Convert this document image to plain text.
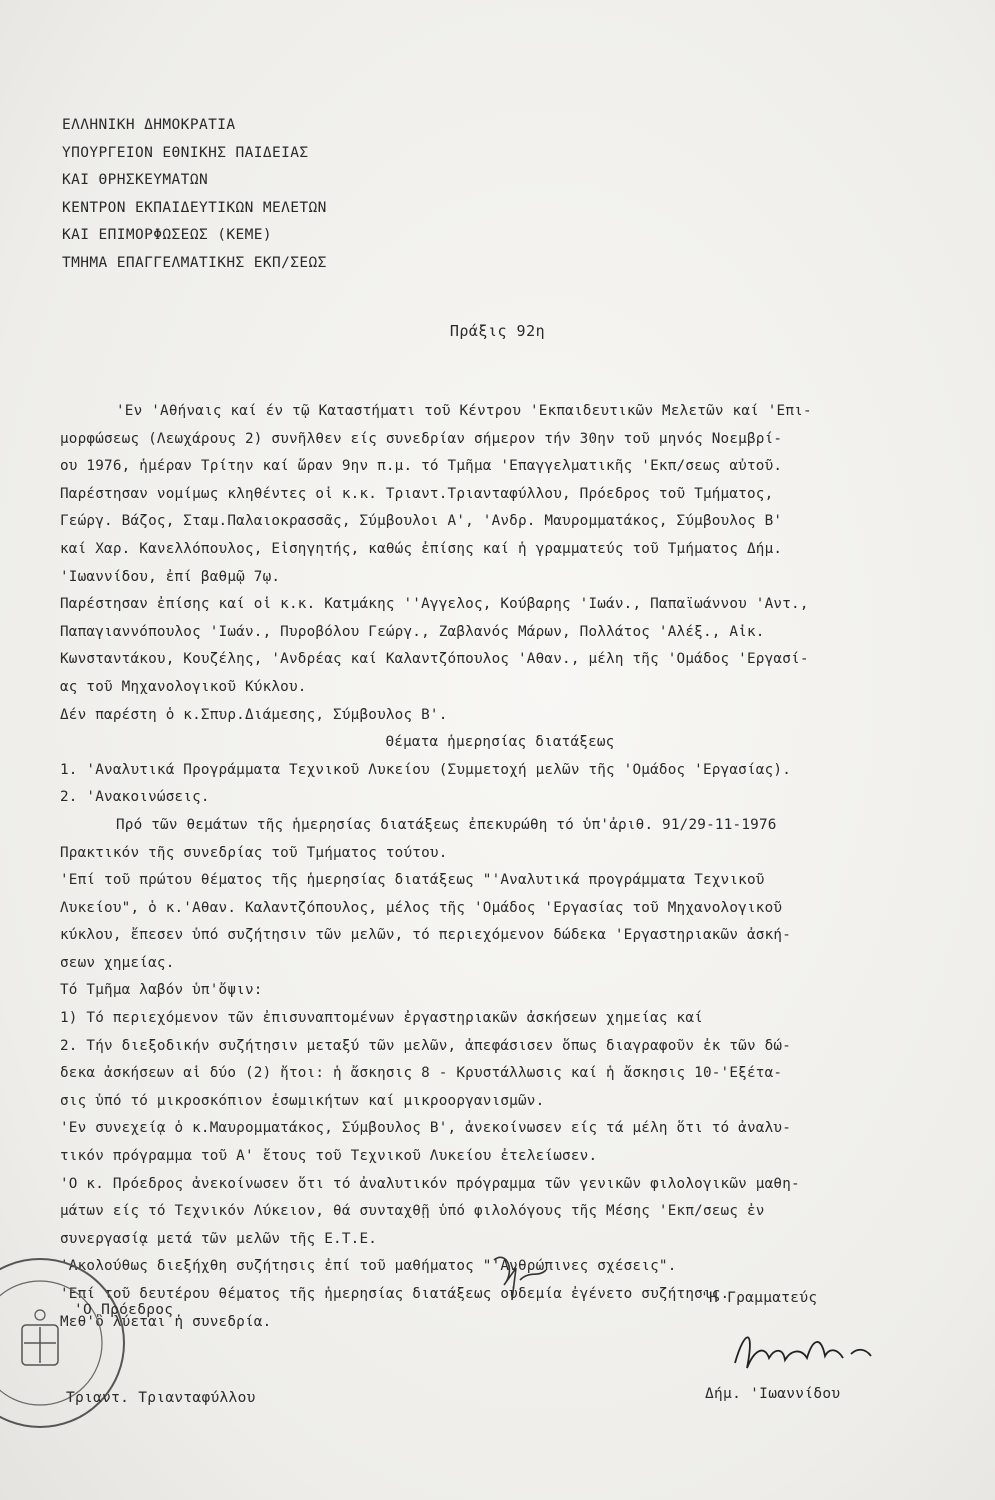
ΕΛΛΗΝΙΚΗ ΔΗΜΟΚΡΑΤΙΑ
ΥΠΟΥΡΓΕΙΟΝ ΕΘΝΙΚΗΣ ΠΑΙΔΕΙΑΣ
ΚΑΙ ΘΡΗΣΚΕΥΜΑΤΩΝ
ΚΕΝΤΡΟΝ ΕΚΠΑΙΔΕΥΤΙΚΩΝ ΜΕΛΕΤΩΝ
ΚΑΙ ΕΠΙΜΟΡΦΩΣΕΩΣ (ΚΕΜΕ)
ΤΜΗΜΑ ΕΠΑΓΓΕΛΜΑΤΙΚΗΣ ΕΚΠ/ΣΕΩΣ
Πράξις 92η
'Εν 'Αθήναις καί έν τῷ Καταστήματι τοῦ Κέντρου 'Εκπαιδευτικῶν Μελετῶν καί 'Επι-
μορφώσεως (Λεωχάρους 2) συνῆλθεν είς συνεδρίαν σήμερον τήν 30ην τοῦ μηνός Νοεμβρί-
ου 1976, ἡμέραν Τρίτην καί ὥραν 9ην π.μ. τό Τμῆμα 'Επαγγελματικῆς 'Εκπ/σεως αὐτοῦ.
Παρέστησαν νομίμως κληθέντες οἱ κ.κ. Τριαντ.Τριανταφύλλου, Πρόεδρος τοῦ Τμήματος,
Γεώργ. Βάζος, Σταμ.Παλαιοκρασσᾶς, Σύμβουλοι Α', 'Ανδρ. Μαυρομματάκος, Σύμβουλος Β'
καί Χαρ. Κανελλόπουλος, Εἰσηγητής, καθώς ἐπίσης καί ἡ γραμματεύς τοῦ Τμήματος Δήμ.
'Ιωαννίδου, ἐπί βαθμῷ 7ῳ.
Παρέστησαν ἐπίσης καί οἱ κ.κ. Κατμάκης ''Αγγελος, Κούβαρης 'Ιωάν., Παπαϊωάννου 'Αντ.,
Παπαγιαννόπουλος 'Ιωάν., Πυροβόλου Γεώργ., Ζαβλανός Μάρων, Πολλάτος 'Αλέξ., Αἰκ.
Κωνσταντάκου, Κουζέλης, 'Ανδρέας καί Καλαντζόπουλος 'Αθαν., μέλη τῆς 'Ομάδος 'Εργασί-
ας τοῦ Μηχανολογικοῦ Κύκλου.
Δέν παρέστη ὁ κ.Σπυρ.Διάμεσης, Σύμβουλος Β'.
Θέματα ἡμερησίας διατάξεως
1. 'Αναλυτικά Προγράμματα Τεχνικοῦ Λυκείου (Συμμετοχή μελῶν τῆς 'Ομάδος 'Εργασίας).
2. 'Ανακοινώσεις.
Πρό τῶν θεμάτων τῆς ἡμερησίας διατάξεως ἐπεκυρώθη τό ὑπ'ἀριθ. 91/29-11-1976
Πρακτικόν τῆς συνεδρίας τοῦ Τμήματος τούτου.
'Επί τοῦ πρώτου θέματος τῆς ἡμερησίας διατάξεως "'Αναλυτικά προγράμματα Τεχνικοῦ
Λυκείου", ὁ κ.'Αθαν. Καλαντζόπουλος, μέλος τῆς 'Ομάδος 'Εργασίας τοῦ Μηχανολογικοῦ
κύκλου, ἔπεσεν ὑπό συζήτησιν τῶν μελῶν, τό περιεχόμενον δώδεκα 'Εργαστηριακῶν ἀσκή-
σεων χημείας.
Τό Τμῆμα λαβόν ὑπ'ὄψιν:
1) Τό περιεχόμενον τῶν ἐπισυναπτομένων ἐργαστηριακῶν ἀσκήσεων χημείας καί
2. Τήν διεξοδικήν συζήτησιν μεταξύ τῶν μελῶν, ἀπεφάσισεν ὅπως διαγραφοῦν ἐκ τῶν δώ-
δεκα ἀσκήσεων αἱ δύο (2) ἤτοι: ἡ ἄσκησις 8 - Κρυστάλλωσις καί ἡ ἄσκησις 10-'Εξέτα-
σις ὑπό τό μικροσκόπιον ἐσωμικήτων καί μικροοργανισμῶν.
'Εν συνεχείᾳ ὁ κ.Μαυρομματάκος, Σύμβουλος Β', ἀνεκοίνωσεν είς τά μέλη ὅτι τό ἀναλυ-
τικόν πρόγραμμα τοῦ Α' ἔτους τοῦ Τεχνικοῦ Λυκείου ἐτελείωσεν.
'Ο κ. Πρόεδρος ἀνεκοίνωσεν ὅτι τό ἀναλυτικόν πρόγραμμα τῶν γενικῶν φιλολογικῶν μαθη-
μάτων είς τό Τεχνικόν Λύκειον, θά συνταχθῇ ὑπό φιλολόγους τῆς Μέσης 'Εκπ/σεως ἐν
συνεργασίᾳ μετά τῶν μελῶν τῆς Ε.Τ.Ε.
'Ακολούθως διεξήχθη συζήτησις ἐπί τοῦ μαθήματος "'Ανθρώπινες σχέσεις".
'Επί τοῦ δευτέρου θέματος τῆς ἡμερησίας διατάξεως οὐδεμία ἐγένετο συζήτησις.
Μεθ'ὃ λύεται ἡ συνεδρία.
'Ο Πρόεδρος
Τριαντ. Τριανταφύλλου
'Η Γραμματεύς
Δήμ. 'Ιωαννίδου
